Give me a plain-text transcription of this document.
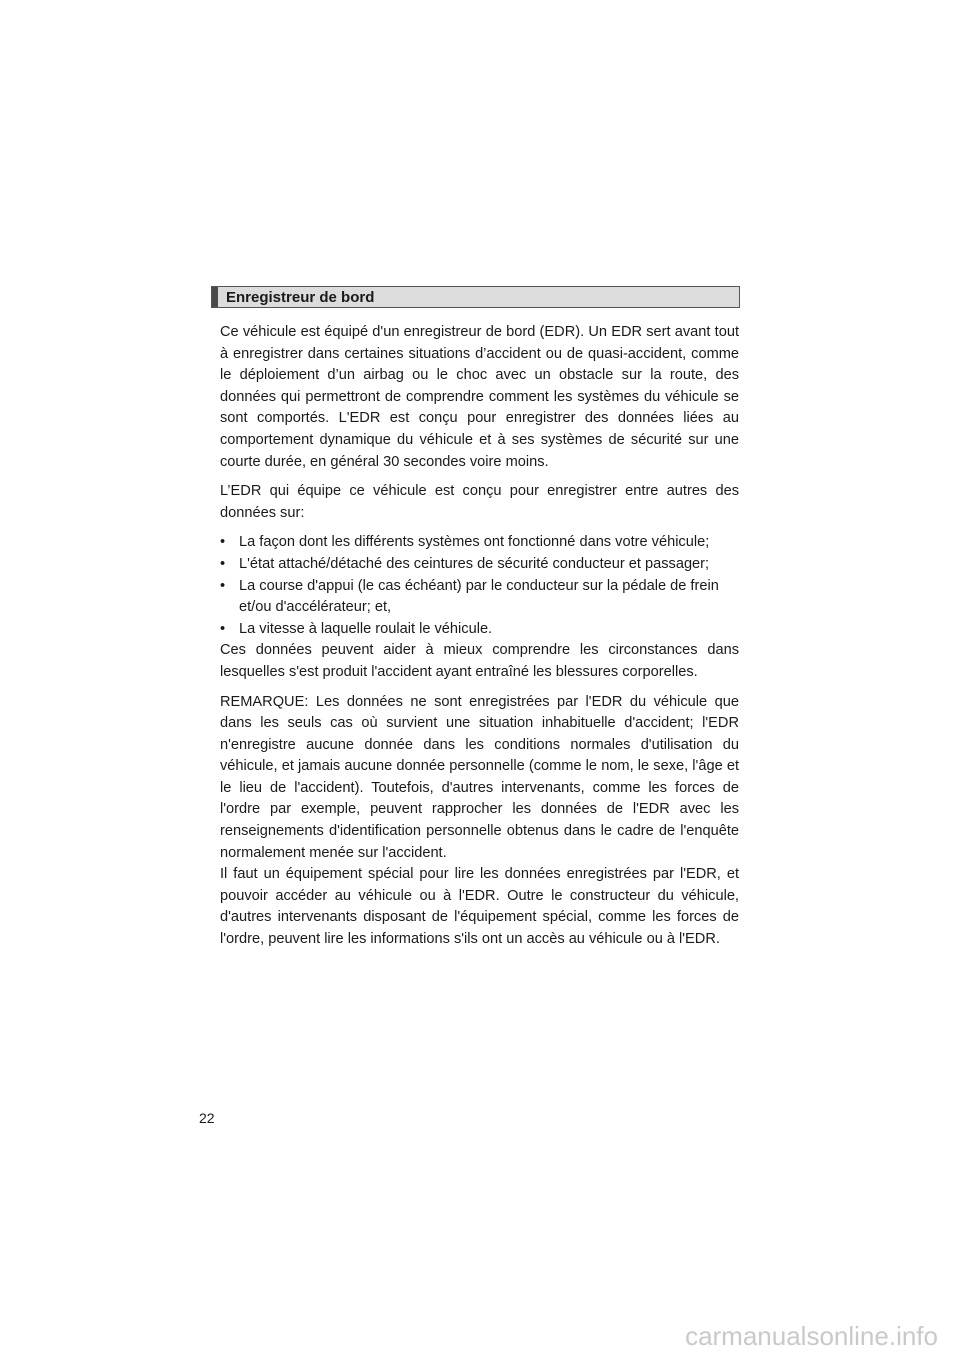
Enregistreur de bord

Ce véhicule est équipé d'un enregistreur de bord (EDR). Un EDR sert avant tout à enregistrer dans certaines situations d’accident ou de quasi-accident, comme le déploiement d’un airbag ou le choc avec un obstacle sur la route, des données qui permettront de comprendre comment les systèmes du véhicule se sont comportés. L'EDR est conçu pour enregistrer des données liées au comportement dynamique du véhicule et à ses systèmes de sécurité sur une courte durée, en général 30 secondes voire moins.

L’EDR qui équipe ce véhicule est conçu pour enregistrer entre autres des données sur:

• La façon dont les différents systèmes ont fonctionné dans votre véhicule;
• L'état attaché/détaché des ceintures de sécurité conducteur et passager;
• La course d'appui (le cas échéant) par le conducteur sur la pédale de frein et/ou d'accélérateur; et,
• La vitesse à laquelle roulait le véhicule.

Ces données peuvent aider à mieux comprendre les circonstances dans lesquelles s'est produit l'accident ayant entraîné les blessures corporelles.

REMARQUE: Les données ne sont enregistrées par l'EDR du véhicule que dans les seuls cas où survient une situation inhabituelle d'accident; l'EDR n'enregistre aucune donnée dans les conditions normales d'utilisation du véhicule, et jamais aucune donnée personnelle (comme le nom, le sexe, l'âge et le lieu de l'accident). Toutefois, d'autres intervenants, comme les forces de l'ordre par exemple, peuvent rapprocher les données de l'EDR avec les renseignements d'identification personnelle obtenus dans le cadre de l'enquête normalement menée sur l'accident.

Il faut un équipement spécial pour lire les données enregistrées par l'EDR, et pouvoir accéder au véhicule ou à l'EDR. Outre le constructeur du véhicule, d'autres intervenants disposant de l'équipement spécial, comme les forces de l'ordre, peuvent lire les informations s'ils ont un accès au véhicule ou à l'EDR.

22
carmanualsonline.info
